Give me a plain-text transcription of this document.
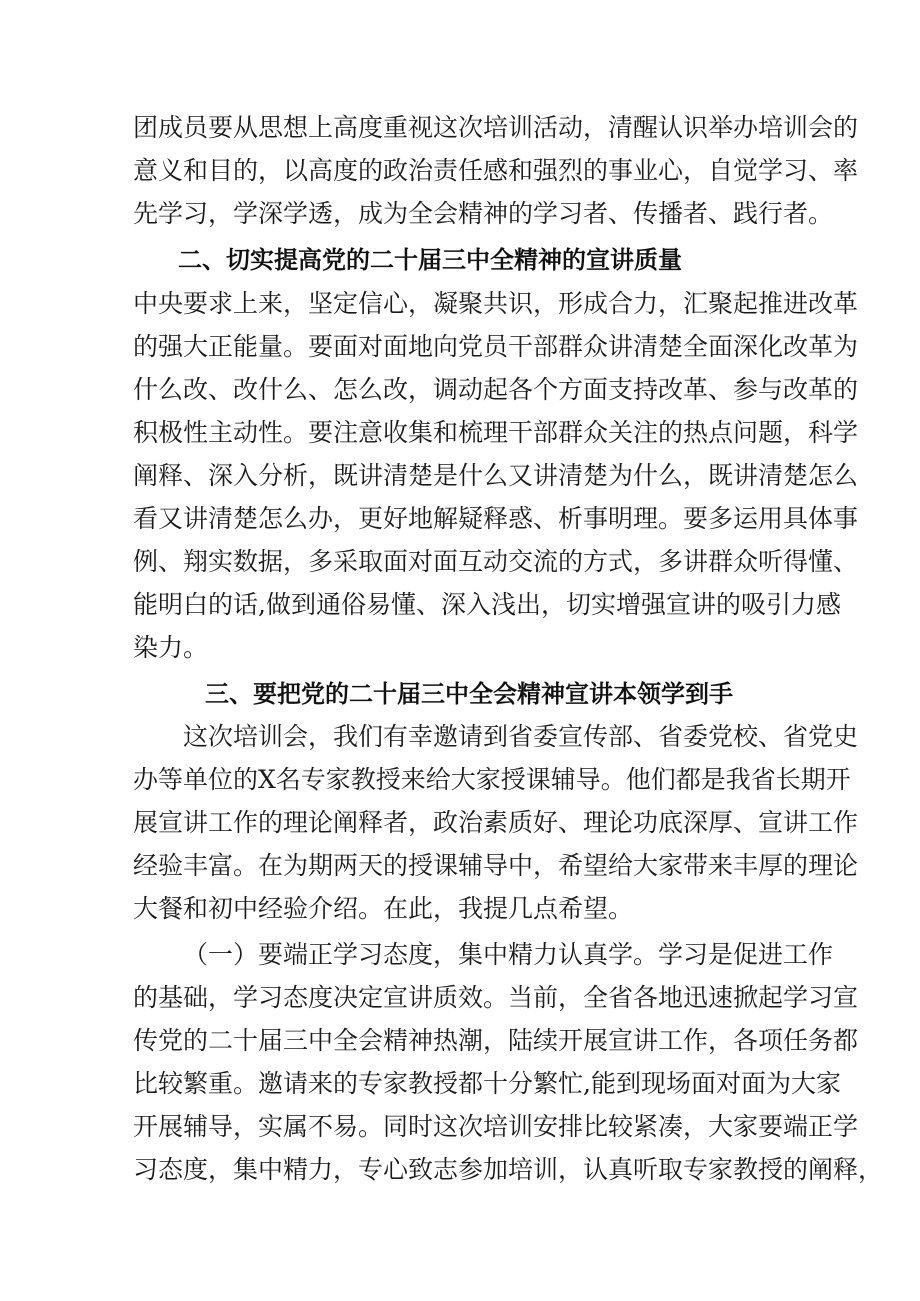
团成员要从思想上高度重视这次培训活动，清醒认识举办培训会的
意义和目的，以高度的政治责任感和强烈的事业心，自觉学习、率
先学习，学深学透，成为全会精神的学习者、传播者、践行者。
二、切实提高党的二十届三中全精神的宣讲质量
中央要求上来，坚定信心，凝聚共识，形成合力，汇聚起推进改革
的强大正能量。要面对面地向党员干部群众讲清楚全面深化改革为
什么改、改什么、怎么改，调动起各个方面支持改革、参与改革的
积极性主动性。要注意收集和梳理干部群众关注的热点问题，科学
阐释、深入分析，既讲清楚是什么又讲清楚为什么，既讲清楚怎么
看又讲清楚怎么办，更好地解疑释惑、析事明理。要多运用具体事
例、翔实数据，多采取面对面互动交流的方式，多讲群众听得懂、
能明白的话,做到通俗易懂、深入浅出，切实增强宣讲的吸引力感
染力。
三、要把党的二十届三中全会精神宣讲本领学到手
这次培训会，我们有幸邀请到省委宣传部、省委党校、省党史
办等单位的X名专家教授来给大家授课辅导。他们都是我省长期开
展宣讲工作的理论阐释者，政治素质好、理论功底深厚、宣讲工作
经验丰富。在为期两天的授课辅导中，希望给大家带来丰厚的理论
大餐和初中经验介绍。在此，我提几点希望。
（一）要端正学习态度，集中精力认真学。学习是促进工作
的基础，学习态度决定宣讲质效。当前，全省各地迅速掀起学习宣
传党的二十届三中全会精神热潮，陆续开展宣讲工作，各项任务都
比较繁重。邀请来的专家教授都十分繁忙,能到现场面对面为大家
开展辅导，实属不易。同时这次培训安排比较紧凑，大家要端正学
习态度，集中精力，专心致志参加培训，认真听取专家教授的阐释，
